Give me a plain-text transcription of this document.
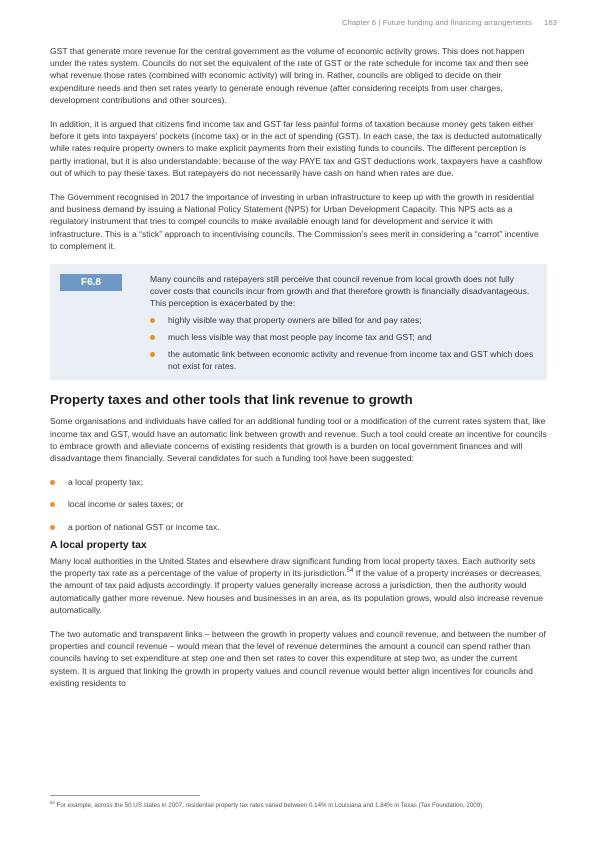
Chapter 6 | Future funding and financing arrangements 163

GST that generate more revenue for the central government as the volume of economic activity grows. This does not happen under the rates system. Councils do not set the equivalent of the rate of GST or the rate schedule for income tax and then see what revenue those rates (combined with economic activity) will bring in. Rather, councils are obliged to decide on their expenditure needs and then set rates yearly to generate enough revenue (after considering receipts from user charges, development contributions and other sources).

In addition, it is argued that citizens find income tax and GST far less painful forms of taxation because money gets taken either before it gets into taxpayers’ pockets (income tax) or in the act of spending (GST). In each case, the tax is deducted automatically while rates require property owners to make explicit payments from their existing funds to councils. The different perception is partly irrational, but it is also understandable: because of the way PAYE tax and GST deductions work, taxpayers have a cashflow out of which to pay these taxes. But ratepayers do not necessarily have cash on hand when rates are due.

The Government recognised in 2017 the importance of investing in urban infrastructure to keep up with the growth in residential and business demand by issuing a National Policy Statement (NPS) for Urban Development Capacity. This NPS acts as a regulatory instrument that tries to compel councils to make available enough land for development and service it with infrastructure. This is a “stick” approach to incentivising councils. The Commission’s sees merit in considering a “carrot” incentive to complement it.

F6.8	Many councils and ratepayers still perceive that council revenue from local growth does not fully cover costs that councils incur from growth and that therefore growth is financially disadvantageous. This perception is exacerbated by the:

highly visible way that property owners are billed for and pay rates;
much less visible way that most people pay income tax and GST; and
the automatic link between economic activity and revenue from income tax and GST which does not exist for rates.
Property taxes and other tools that link revenue to growth

Some organisations and individuals have called for an additional funding tool or a modification of the current rates system that, like income tax and GST, would have an automatic link between growth and revenue. Such a tool could create an incentive for councils to embrace growth and alleviate concerns of existing residents that growth is a burden on local government finances and will disadvantage them financially. Several candidates for such a funding tool have been suggested:

a local property tax;
local income or sales taxes; or
a portion of national GST or income tax.
A local property tax

Many local authorities in the United States and elsewhere draw significant funding from local property taxes. Each authority sets the property tax rate as a percentage of the value of property in its jurisdiction.$^{54}$ If the value of a property increases or decreases, the amount of tax paid adjusts accordingly. If property values generally increase across a jurisdiction, then the authority would automatically gather more revenue. New houses and businesses in an area, as its population grows, would also increase revenue automatically.

The two automatic and transparent links – between the growth in property values and council revenue, and between the number of properties and council revenue – would mean that the level of revenue determines the amount a council can spend rather than councils having to set expenditure at step one and then set rates to cover this expenditure at step two, as under the current system. It is argued that linking the growth in property values and council revenue would better align incentives for councils and existing residents to

$^{54}$ For example, across the 50 US states in 2007, residential property tax rates varied between 0.14% in Louisiana and 1.84% in Texas (Tax Foundation, 2009).
